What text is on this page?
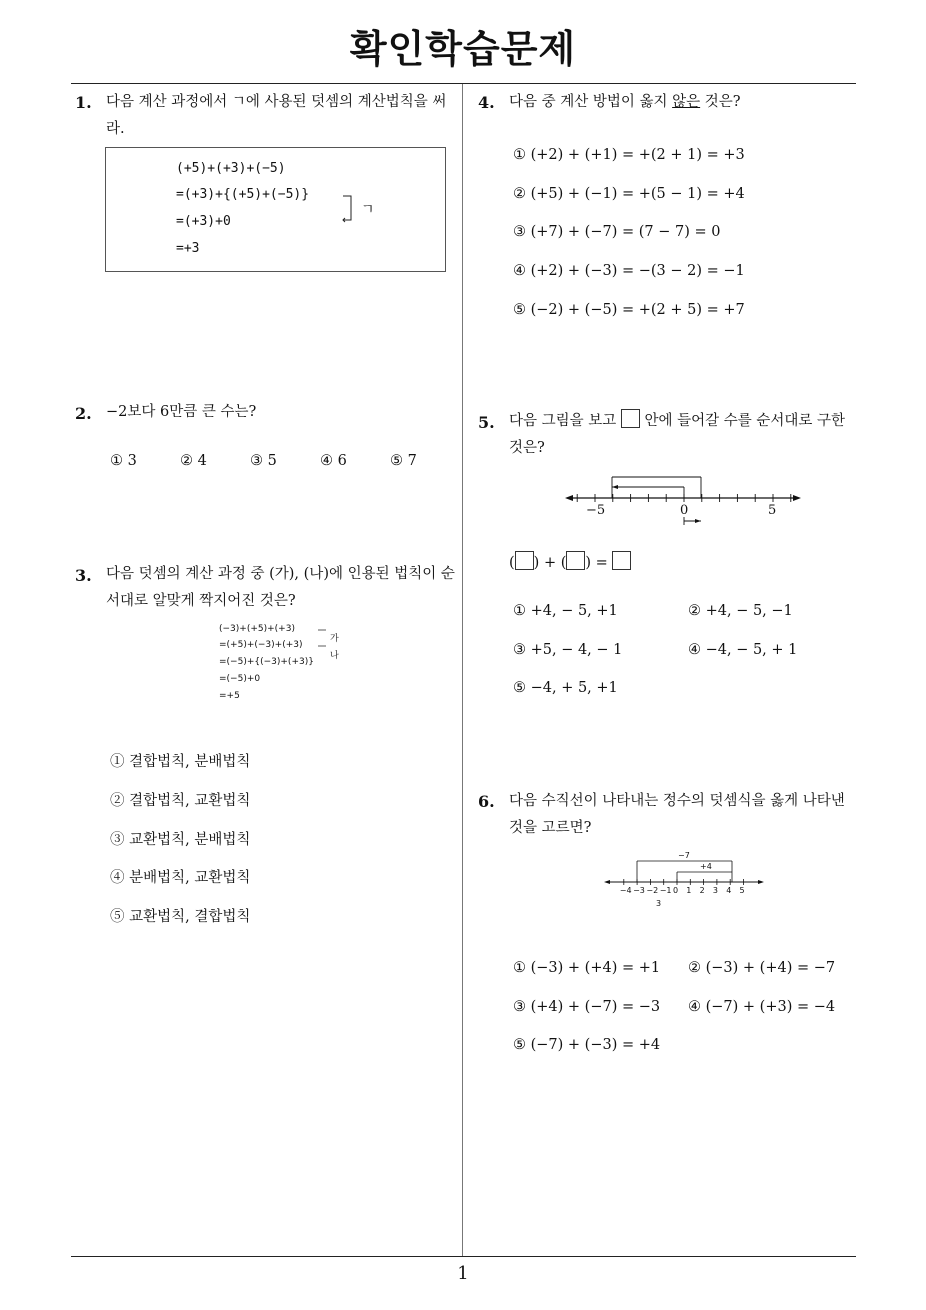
확인학습문제
1
1. 다음 계산 과정에서 ㄱ에 사용된 덧셈의 계산법칙을 써라.
(+5)+(+3)+(−5)
=(+3)+{(+5)+(−5)}
=(+3)+0
=+3
ㄱ
2. −2보다 6만큼 큰 수는?
① 3	② 4	③ 5	④ 6	⑤ 7
3. 다음 덧셈의 계산 과정 중 (가), (나)에 인용된 법칙이 순서대로 알맞게 짝지어진 것은?
(−3)+(+5)+(+3)
=(+5)+(−3)+(+3)
=(−5)+{(−3)+(+3)}
=(−5)+0
=+5
가
나
① 결합법칙, 분배법칙
② 결합법칙, 교환법칙
③ 교환법칙, 분배법칙
④ 분배법칙, 교환법칙
⑤ 교환법칙, 결합법칙
4. 다음 중 계산 방법이 옳지 않은 것은?
① (+2) + (+1) = +(2 + 1) = +3
② (+5) + (−1) = +(5 − 1) = +4
③ (+7) + (−7) = (7 − 7) = 0
④ (+2) + (−3) = −(3 − 2) = −1
⑤ (−2) + (−5) = +(2 + 5) = +7
5. 다음 그림을 보고  안에 들어갈 수를 순서대로 구한 것은?
−5	0	5
( ) + ( ) =
① +4, − 5, +1	② +4, − 5, −1
③ +5, − 4, − 1	④ −4, − 5, + 1
⑤ −4, + 5, +1
6. 다음 수직선이 나타내는 정수의 덧셈식을 옳게 나타낸 것을 고르면?
−7
+4
3
−4 −3 −2 −1 0 1 2 3 4 5
① (−3) + (+4) = +1 ② (−3) + (+4) = −7
③ (+4) + (−7) = −3 ④ (−7) + (+3) = −4
⑤ (−7) + (−3) = +4
